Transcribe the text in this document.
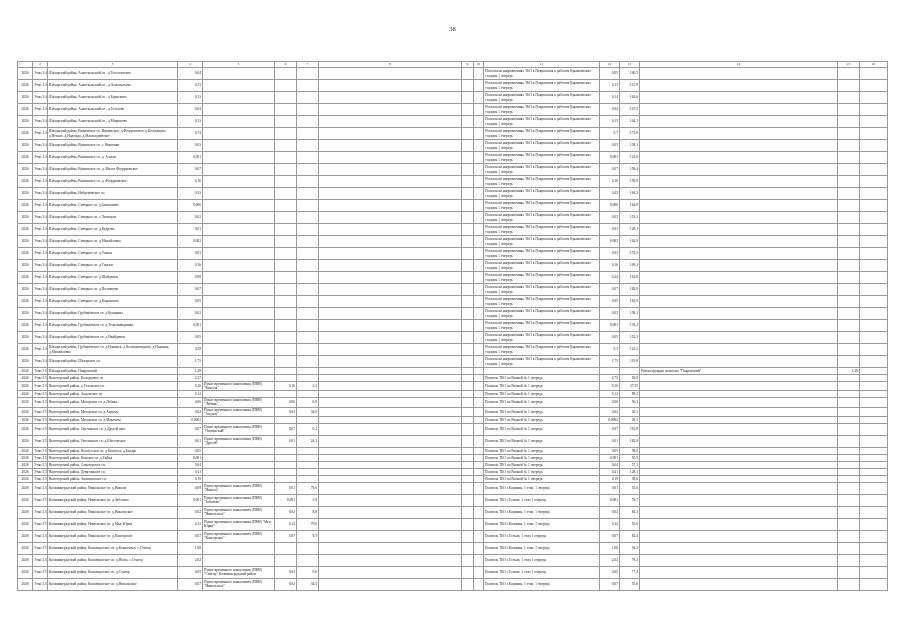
38
1	2	3	4	5	6	7	8	9	10	11	12	13	14	15	16
2026	Этап 3.4	Шахарский район, Алаптыльский сп., д.Толстоятьево	0,04							Пологая на направлениях ТБО к Покровская к работам Крымьевских стадион 1 очередь	0,05	140,5			
2026	Этап 3.4	Шахарский район, Алаптыльский сп., д.Алаптыльево	0,13							Пологая на направлениях ТБО к Покровская к работам Крымьевских стадион 1 очередь	0,13	147,8			
2026	Этап 3.4	Шахарский район, Алаптыльский сп., д.Борисково	0,13							Пологая на направлениях ТБО к Покровская к работам Крымьевских стадион 1 очередь	0,14	162,6			
2026	Этап 3.4	Шахарский район, Алаптыльский сп., д.Голтьево	0,04							Пологая на направлениях ТБО к Покровская к работам Крымьевских стадион 1 очередь	0,04	147,2			
2026	Этап 3.4	Шахарский район, Алаптыльский сп., д.Мирошево	0,13							Пологая на направлениях ТБО к Покровская к работам Крымьевских стадион 1 очередь	0,13	144,1			
2026	Этап 3.4	Шахарский район, Вишенское сп. Вишенское, д.Фёдоровское, д.Колтышево, д.Веснах, д.Надежда, д.Маштадиевское	0,74							Пологая на направлениях ТБО к Покровская к работам Крымьевских стадион 1 очередь	0,7	173,8			
2026	Этап 3.4	Шахарский район, Вишенское сп. с. Вишенки	0,03							Пологая на направлениях ТБО к Покровская к работам Крымьевских стадион 1 очередь	0,03	138,1			
2026	Этап 3.4	Шахарский район, Вишенское сп. д. Алтын	0,001							Пологая на направлениях ТБО к Покровская к работам Крымьевских стадион 1 очередь	0,001	123,8			
2026	Этап 3.4	Шахарский район, Вишенское сп. д. Малое Федорковское	0,07							Пологая на направлениях ТБО к Покровская к работам Крымьевских стадион 1 очередь	0,07	158,4			
2026	Этап 3.4	Шахарский район, Вишенское сп. д. Федорковское	0,16							Пологая на направлениях ТБО к Покровская к работам Крымьевских стадион 1 очередь	0,16	159,9			
2026	Этап 3.4	Шахарский район, Нейдемёвское сп.	0,33							Пологая на направлениях ТБО к Покровская к работам Крымьевских стадион 1 очередь	0,43	164,3			
2026	Этап 3.4	Шахарский район, Северное сп. д.Замошнево	0,006							Пологая на направлениях ТБО к Покровская к работам Крымьевских стадион 1 очередь	0,006	164,8			
2026	Этап 3.4	Шахарский район, Северное сп. с.Лисицкое	0,02							Пологая на направлениях ТБО к Покровская к работам Крымьевских стадион 1 очередь	0,02	153,1			
2026	Этап 3.4	Шахарский район, Северное сп. д.Кедрово	0,01							Пологая на направлениях ТБО к Покровская к работам Крымьевских стадион 1 очередь	0,01	128,1			
2026	Этап 3.4	Шахарский район, Северное сп. д.Михайловка	0,002							Пологая на направлениях ТБО к Покровская к работам Крымьевских стадион 1 очередь	0,002	162,9			
2026	Этап 3.4	Шахарский район, Северное сп. д.Ушаки	0,03							Пологая на направлениях ТБО к Покровская к работам Крымьевских стадион 1 очередь	0,03	174,3			
2026	Этап 3.4	Шахарский район, Северное сп. д.Гуньки	0,16							Пологая на направлениях ТБО к Покровская к работам Крымьевских стадион 1 очередь	0,16	149,1			
2026	Этап 3.4	Шахарский район, Северное сп. д.Шайдевки	0,08							Пологая на направлениях ТБО к Покровская к работам Крымьевских стадион 1 очередь	0,24	163,8			
2026	Этап 3.4	Шахарский район, Северное сп. д.Половцево	0,07							Пологая на направлениях ТБО к Покровская к работам Крымьевских стадион 1 очередь	0,07	182,9			
2026	Этап 3.4	Шахарский район, Северное сп. д.Кормилово	0,05							Пологая на направлениях ТБО к Покровская к работам Крымьевских стадион 1 очередь	0,05	163,9			
2026	Этап 3.4	Шахарский район, Грубинёвское сп. д.Кузьмино	0,02							Пологая на направлениях ТБО к Покровская к работам Крымьевских стадион 1 очередь	0,02	158,1			
2026	Этап 3.4	Шахарский район, Грубинёвское сп. д.Телятинворники	0,001							Пологая на направлениях ТБО к Покровская к работам Крымьевских стадион 1 очередь	0,001	133,2			
2026	Этап 3.4	Шахарский район, Грубинёвское сп. д.Ивайдевки	0,05							Пологая на направлениях ТБО к Покровская к работам Крымьевских стадион 1 очередь	0,05	152,3			
2026	Этап 3.4	Шахарский район, Грубинёвское сп. д.Ильинск, д.Колтышевидово, д.Ильинка, д.Михайловка	0,29							Пологая на направлениях ТБО к Покровская к работам Крымьевских стадион 1 очередь	0,3	123,3			
2026	Этап 3.4	Шахарский район, Шахарское сп.	1,75							Пологая на направлениях ТБО к Покровская к работам Крымьевских стадион 1 очередь	1,75	119,8			
2026	Этап 3.5	Шахарский район, Покровский	1,28										Реконструкция полигона "Покровский"	1,28	
2026	Этап 3.5	Вытегорский район, Колодцевое сп.	2,27							Полигон ТБО по Вилкой № 1 очередь	2,73	50,8			
2026	Этап 3.5	Вытегорский район, д.Ухтомское сп.	0,26	Пункт временного накопления (ПВН) "Кушула"	0,16	2,2				Полигон ТБО по Вилкой № 1 очередь	0,16	37,55			
2026	Этап 3.5	Вытегорский район, Андомское сп.	0,12							Полигон ТБО по Вилкой № 1 очередь	0,12	89,2			
2026	Этап 3.5	Вытегорский район, Мегорское сп. д.Лебяжь	0,06	Пункт временного накопления (ПВН) "Лебяжь"	0,06	0,8				Полигон ТБО по Вилкой № 1 очередь	0,06	56,3			
2026	Этап 3.5	Вытегорский район, Мегорское сп. д.Андому	0,02	Пункт временного накопления (ПВН) "Андому"	0,02	34,9				Полигон ТБО по Вилкой № 1 очередь	0,02	36,1			
2026	Этап 3.5	Вытегорский район, Мегорское сп. д.Макачево	0,0002							Полигон ТБО по Вилкой № 1 очередь	0,0002	28,1			
2026	Этап 3.5	Вытегорский район, Оштинское сп. д.Другой мыс	0,07	Пункт временного накопления (ПВН) "Оштинский"	0,07	0,2				Полигон ТБО по Вилкой № 1 очередь	0,07	110,8			
2026	Этап 3.5	Вытегорский район, Оштинское сп. д.Шестовское	0,01	Пункт временного накопления (ПВН) "Другой"	0,01	24,3				Полигон ТБО по Вилкой № 1 очередь	0,01	182,0			
2026	Этап 3.5	Вытегорский район, Коштугское сп. д.Коштуга, д.Бадарь	0,05							Полигон ТБО по Вилкой № 1 очередь	0,05	58,8			
2026	Этап 3.5	Вытегорский район, Кемское сп. д.Тайжа	0,001							Полигон ТБО по Вилкой № 1 очередь	0,001	50,9			
2026	Этап 3.5	Вытегорский район, Самозерское сп.	0,04							Полигон ТБО по Вилкой № 1 очередь	0,04	57,1			
2026	Этап 3.5	Вытегорский район, Девятинское сп.	0,41							Полигон ТБО по Вилкой № 1 очередь	0,41	128,1			
2026	Этап 3.5	Вытегорский район, Анхимовское сп.	0,19							Полигон ТБО по Вилкой № 1 очередь	0,19	38,6			
2026	Этап 3.5	Калининградский район, Никольское сп. д.Никола	0,09	Пункт временного накопления (ПВН) "Никола"	0,01	79,6				Полигон ТБО г.Калинин, 1 этап, 1 очередь	0,01	55,6			
2026	Этап 3.5	Калининградский район, Никольское сп. д.Заболево	0,001	Пункт временного накопления (ПВН) "Заболево"	0,001	3,8				Полигон ТБО г.Тотьма, 1 этап 1 очередь	0,001	78,7			
2026	Этап 3.5	Калининградский район, Никольское сп. д.Никольское	0,02	Пункт временного накопления (ПВН) "Никольское"	0,02	8,8				Полигон ТБО г.Калинин, 1 этап, 1 очередь	0,02	84,3			
2026	Этап 3.5	Калининградский район, Никольское сп. д.Мыс Юрки	0,12	Пункт временного накопления (ПВН) "Мыс Юрки"	0,12	79,6				Полигон ТБО г.Калинин, 1 этап, 1 очередь	0,12	55,6			
2026	Этап 3.5	Калининградский район, Никольское сп. д.Конгорское	0,07	Пункт временного накопления (ПВН) "Конгорское"	0,07	9,5				Полигон ТБО г.Тотьма, 1 этап 1 очередь	0,07	82,4			
2026	Этап 3.5	Калининградский район, Кокшеньгское сп. д.Кокшеньга, с.Сенгор	1,08							Полигон ТБО г.Калинин, 1 этап, 1 очередь	1,08	54,2			
2026	Этап 3.5	Калининградский район, Кокшеньгское сп. д.Ноша, с.Сенгор	2,02							Полигон ТБО г.Тотьма, 1 этап 1 очередь	2,02	79,2			
2026	Этап 3.5	Калининградский район, Кокшеньгское сп. д.Сенгор	0,05	Пункт временного накопления (ПВН) "Сенгор" Калининградский район	0,02	9,6				Полигон ТБО г.Тотьма, 1 этап 1 очередь	0,05	77,4			
2026	Этап 3.5	Калининградский район, Кокшеньгское сп. д.Никольское	0,07	Пункт временного накопления (ПВН) "Никольское"	0,02	34,5				Полигон ТБО г.Калинин, 1 этап, 1 очередь	0,07	55,6			
